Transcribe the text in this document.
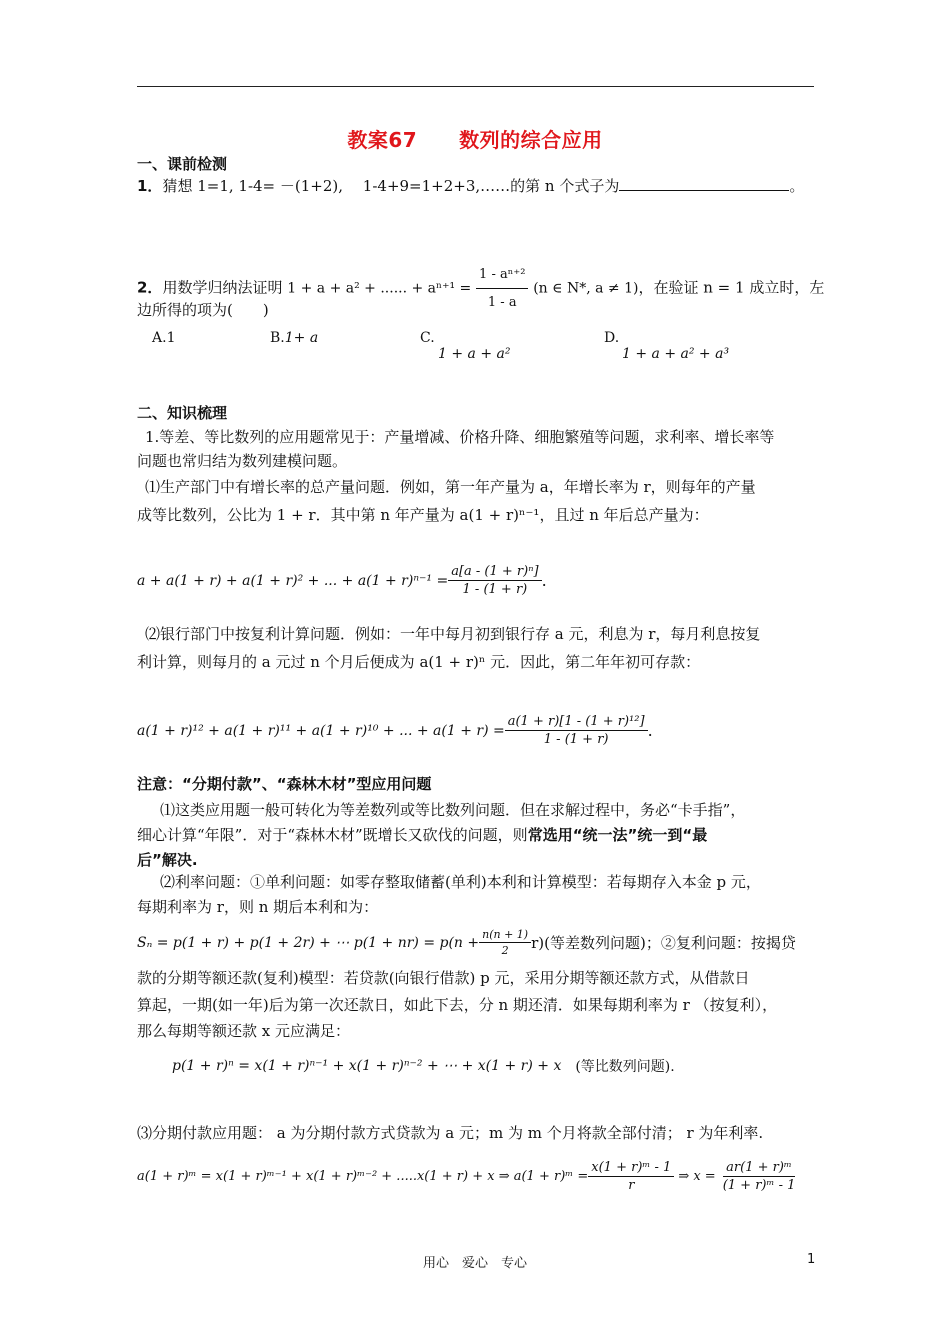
教案67 数列的综合应用
一、课前检测
1．猜想 1=1, 1-4= －(1+2),　 1-4+9=1+2+3,……的第 n 个式子为	。
2．用数学归纳法证明 1 + a + a² + ...... + $a^{n+1} = \frac{\text{1 - aⁿ⁺²}}{1 - a} (n$ ∈ N*, a ≠ 1)，在验证 n = 1 成立时，左
边所得的项为(　　)
A.1	B.1+ a	C.
1 + a + a²
D.
1 + a + a² + a³
二、知识梳理
1.等差、等比数列的应用题常见于：产量增减、价格升降、细胞繁殖等问题，求利率、增长率等
问题也常归结为数列建模问题。
⑴生产部门中有增长率的总产量问题．例如，第一年产量为 a，年增长率为 r，则每年的产量
成等比数列，公比为 1 + r．其中第 n 年产量为 a(1 + r)ⁿ⁻¹，且过 n 年后总产量为：
a + a(1 + r) + a(1 + r)² + ... + $a(1 + r)^{n-1} = \frac{\text{a[a - (1 + r)ⁿ]}}{1 - (1 + r)}$ .
⑵银行部门中按复利计算问题．例如：一年中每月初到银行存 a 元，利息为 r，每月利息按复
利计算，则每月的 a 元过 n 个月后便成为 a(1 + r)ⁿ 元．因此，第二年年初可存款：
a(1 + r)¹² + a(1 + r)¹¹ + a(1 + r)¹⁰ + ... + $a(1 + r) = \frac{\text{a(1 + r)[1 - (1 + r)¹²]}}{1 - (1 + r)}$ .
注意：“分期付款”、“森林木材”型应用问题
⑴这类应用题一般可转化为等差数列或等比数列问题．但在求解过程中，务必“卡手指”，
细心计算“年限”．对于“森林木材”既增长又砍伐的问题，则常选用“统一法”统一到“最
后”解决.
⑵利率问题：①单利问题：如零存整取储蓄(单利)本利和计算模型：若每期存入本金 p 元，
每期利率为 r，则 n 期后本利和为：
Sₙ = p(1 + r) + p(1 + 2r) + ⋯ $p(1 + nr) = p(n + \frac{n(n + 1)}{2} r)$(等差数列问题)；②复利问题：按揭贷
款的分期等额还款(复利)模型：若贷款(向银行借款) p 元，采用分期等额还款方式，从借款日
算起，一期(如一年)后为第一次还款日，如此下去，分 n 期还清．如果每期利率为 r （按复利），
那么每期等额还款 x 元应满足：
p(1 + r)ⁿ = x(1 + r)ⁿ⁻¹ + x(1 + r)ⁿ⁻² + ⋯ + x(1 + r) + x (等比数列问题).
⑶分期付款应用题： a 为分期付款方式贷款为 a 元；m 为 m 个月将款全部付清； r 为年利率.
a(1 + r)ᵐ = x(1 + r)ᵐ⁻¹ + x(1 + r)ᵐ⁻² + .....x(1 + r) + x ⇒ a(1 + r)ᵐ = $\frac{\text{x(1 + r)ᵐ - 1}}{r}$ ⇒ $x = \frac{\text{ar(1 + r)ᵐ}}{\text{(1 + r)ᵐ - 1}}$
用心　爱心　专心	1
